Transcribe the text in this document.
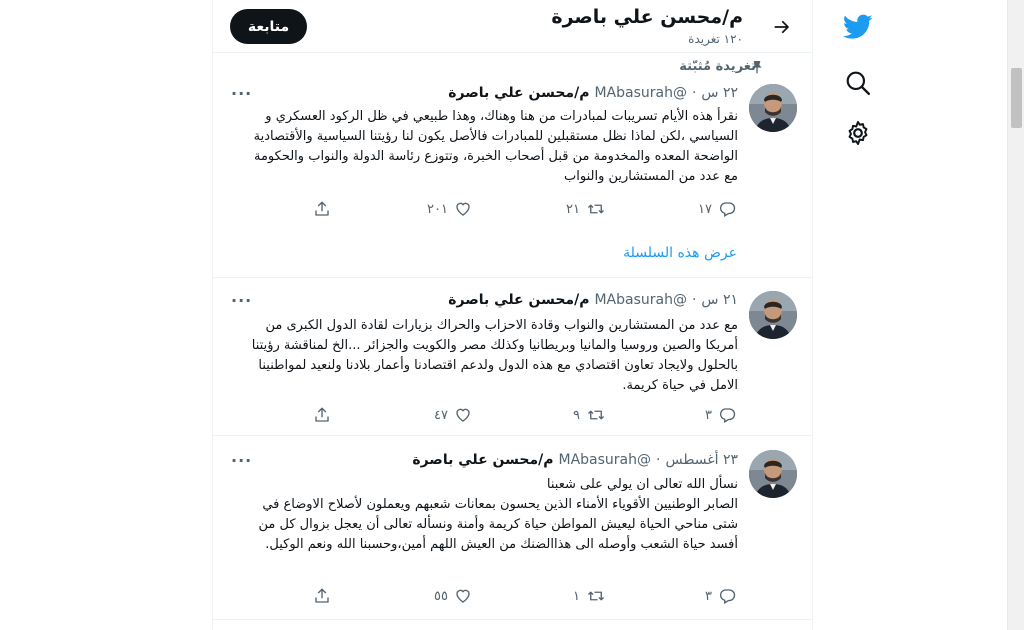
م/محسن علي باصرة
١٢٠ تغريدة
متابعة
تغريدة مُثبّتة
م/محسن علي باصرة @MAbasurah · ٢٢ س
···
نقرأ هذه الأيام تسريبات لمبادرات من هنا وهناك، وهذا طبيعي في ظل الركود العسكري و السياسي ،لكن لماذا نظل مستقبلين للمبادرات فالأصل يكون لنا رؤيتنا السياسية والأقتصادية الواضحة المعده والمخدومة من قبل أصحاب الخبرة، وتتوزع رئاسة الدولة والنواب والحكومة مع عدد من المستشارين والنواب
١٧
٢١
٢٠١
عرض هذه السلسلة
م/محسن علي باصرة @MAbasurah · ٢١ س
···
مع عدد من المستشارين والنواب وقادة الاحزاب والحراك بزيارات لقادة الدول الكبرى من أمريكا والصين وروسيا والمانيا وبريطانيا وكذلك مصر والكويت والجزائر ...الخ لمناقشة رؤيتنا بالحلول ولايجاد تعاون اقتصادي مع هذه الدول ولدعم اقتصادنا وأعمار بلادنا ولنعيد لمواطنينا الامل في حياة كريمة.
٣
٩
٤٧
م/محسن علي باصرة @MAbasurah · ٢٣ أغسطس
···
نسأل الله تعالى ان يولي على شعبنا
الصابر الوطنيين الأقوياء الأمناء الذين يحسون بمعانات شعبهم ويعملون لأصلاح الاوضاع في شتى مناحي الحياة ليعيش المواطن حياة كريمة وأمنة ونسأله تعالى أن يعجل بزوال كل من أفسد حياة الشعب وأوصله الى هذاالضنك من العيش اللهم أمين،وحسبنا الله ونعم الوكيل.
٣
١
٥٥
